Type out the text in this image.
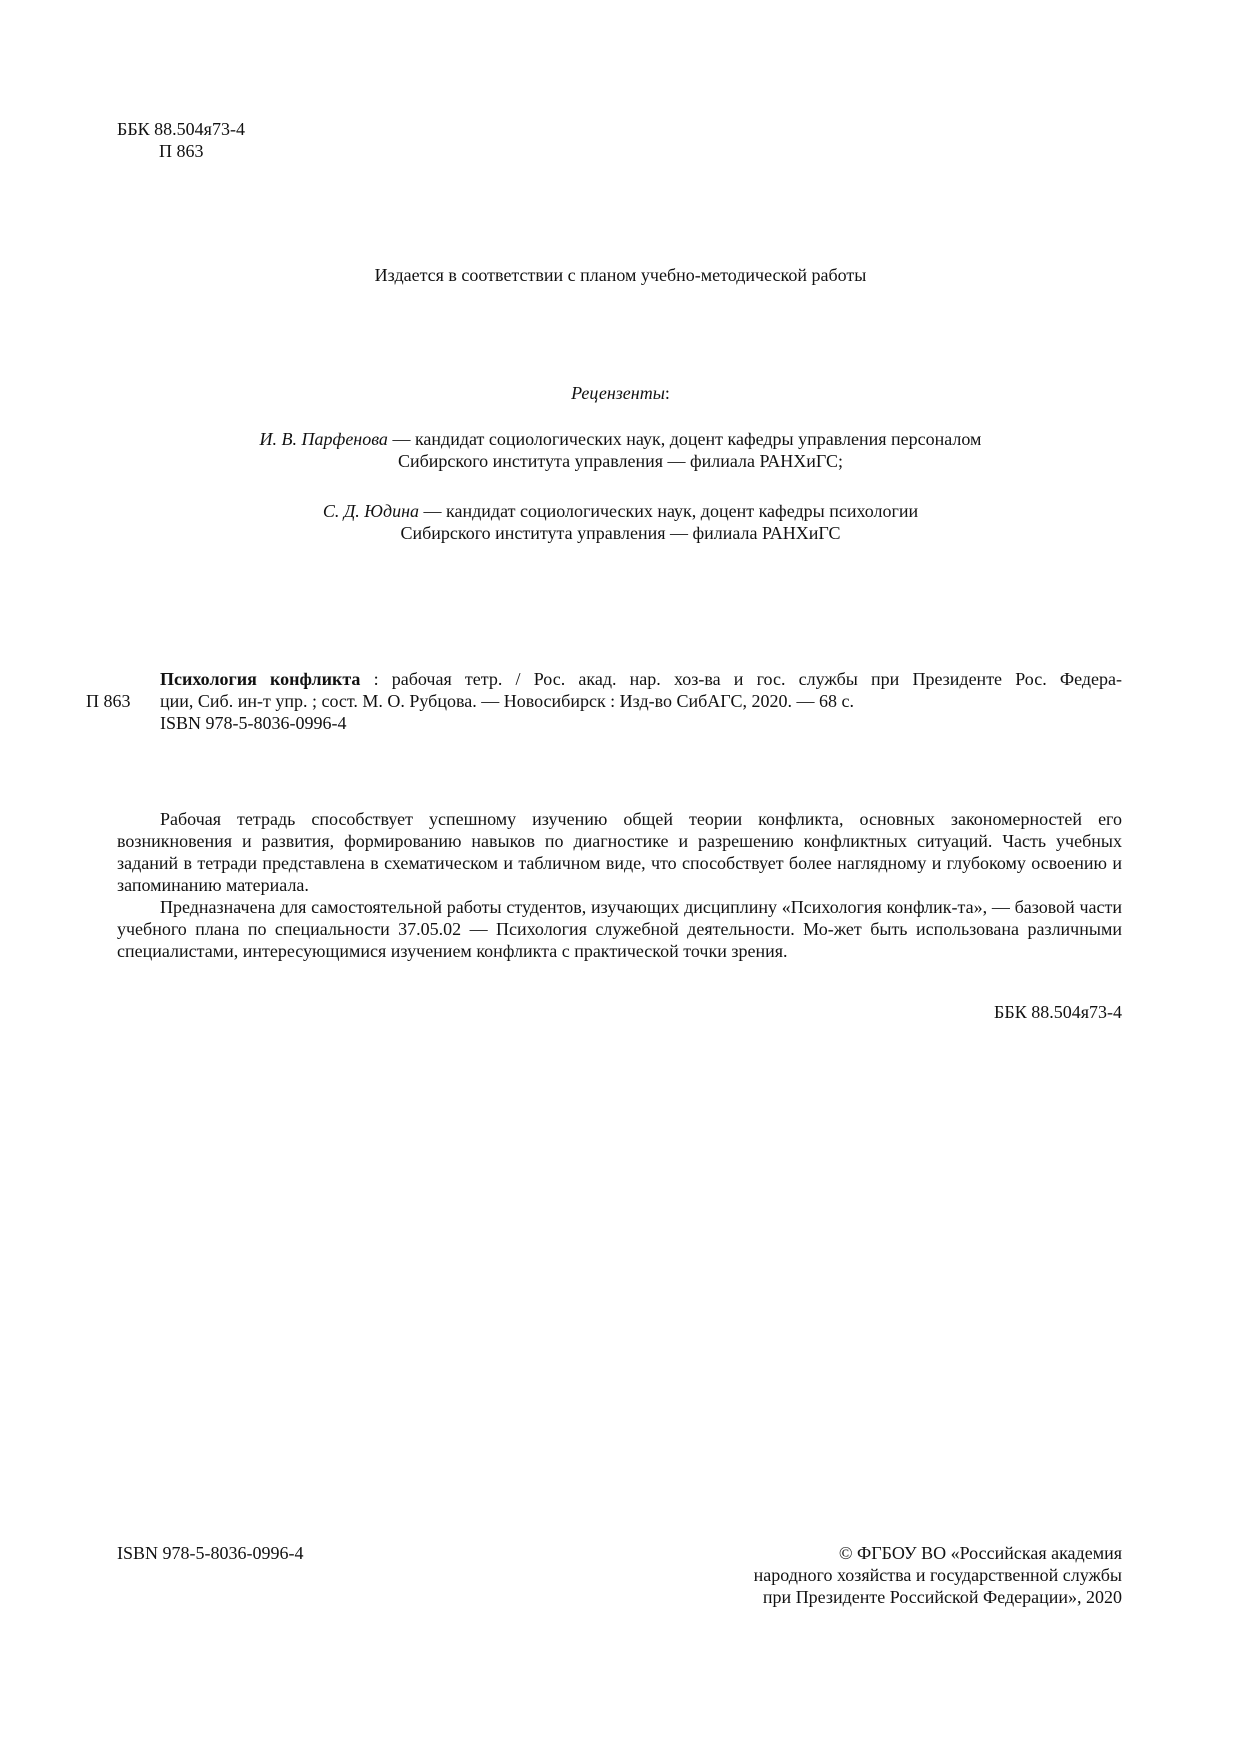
ББК 88.504я73-4
П 863
Издается в соответствии с планом учебно-методической работы
Рецензенты:
И. В. Парфенова — кандидат социологических наук, доцент кафедры управления персоналом
Сибирского института управления — филиала РАНХиГС;
С. Д. Юдина — кандидат социологических наук, доцент кафедры психологии
Сибирского института управления — филиала РАНХиГС
П 863
Психология конфликта : рабочая тетр. / Рос. акад. нар. хоз-ва и гос. службы при Президенте Рос. Федера-
ции, Сиб. ин-т упр. ; сост. М. О. Рубцова. — Новосибирск : Изд-во СибАГС, 2020. — 68 с.
ISBN 978-5-8036-0996-4

Рабочая тетрадь способствует успешному изучению общей теории конфликта, основных закономерностей его возникновения и развития, формированию навыков по диагностике и разрешению конфликтных ситуаций. Часть учебных заданий в тетради представлена в схематическом и табличном виде, что способствует более наглядному и глубокому освоению и запоминанию материала.

Предназначена для самостоятельной работы студентов, изучающих дисциплину «Психология конфлик-та», — базовой части учебного плана по специальности 37.05.02 — Психология служебной деятельности. Мо-жет быть использована различными специалистами, интересующимися изучением конфликта с практической точки зрения.

ББК 88.504я73-4
ISBN 978-5-8036-0996-4	© ФГБОУ ВО «Российская академия
народного хозяйства и государственной службы
при Президенте Российской Федерации», 2020
